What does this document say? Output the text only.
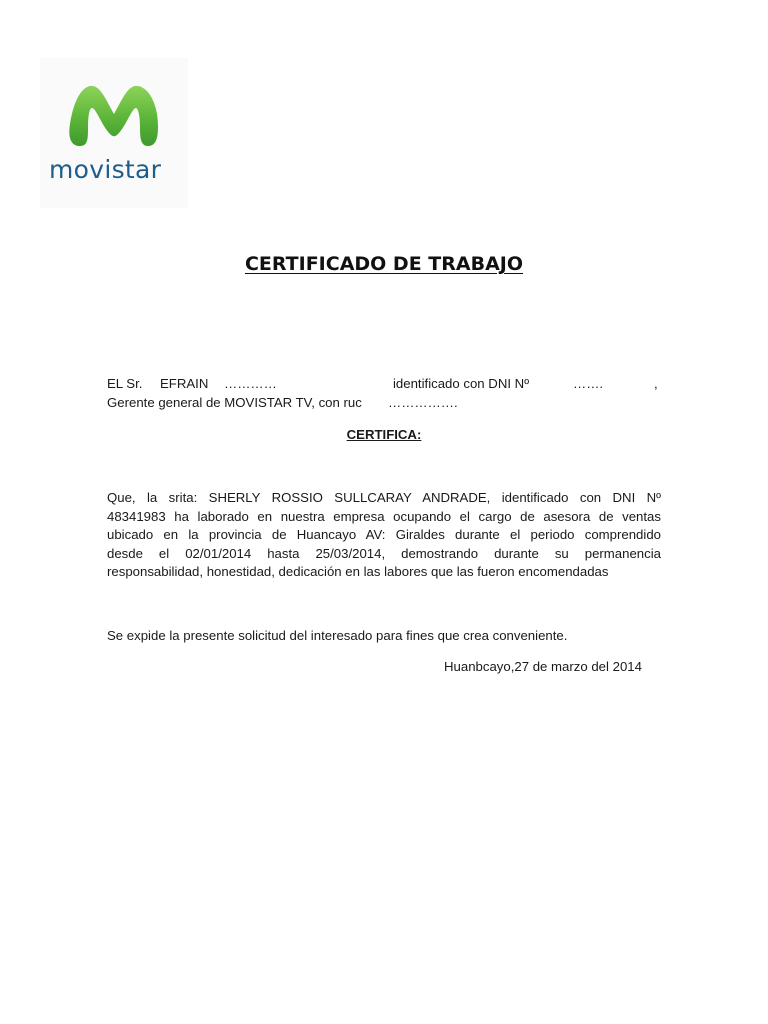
movistar
CERTIFICADO DE TRABAJO
EL Sr. EFRAIN …………	identificado con DNI Nº	…….	,
Gerente general de MOVISTAR TV, con ruc …………….
CERTIFICA:
Que, la srita: SHERLY ROSSIO SULLCARAY ANDRADE, identificado con DNI Nº
48341983 ha laborado en nuestra empresa ocupando el cargo de asesora de ventas
ubicado en la provincia de Huancayo AV: Giraldes durante el periodo comprendido
desde el 02/01/2014 hasta 25/03/2014, demostrando durante su permanencia
responsabilidad, honestidad, dedicación en las labores que las fueron encomendadas
Se expide la presente solicitud del interesado para fines que crea conveniente.
Huanbcayo,27 de marzo del 2014
